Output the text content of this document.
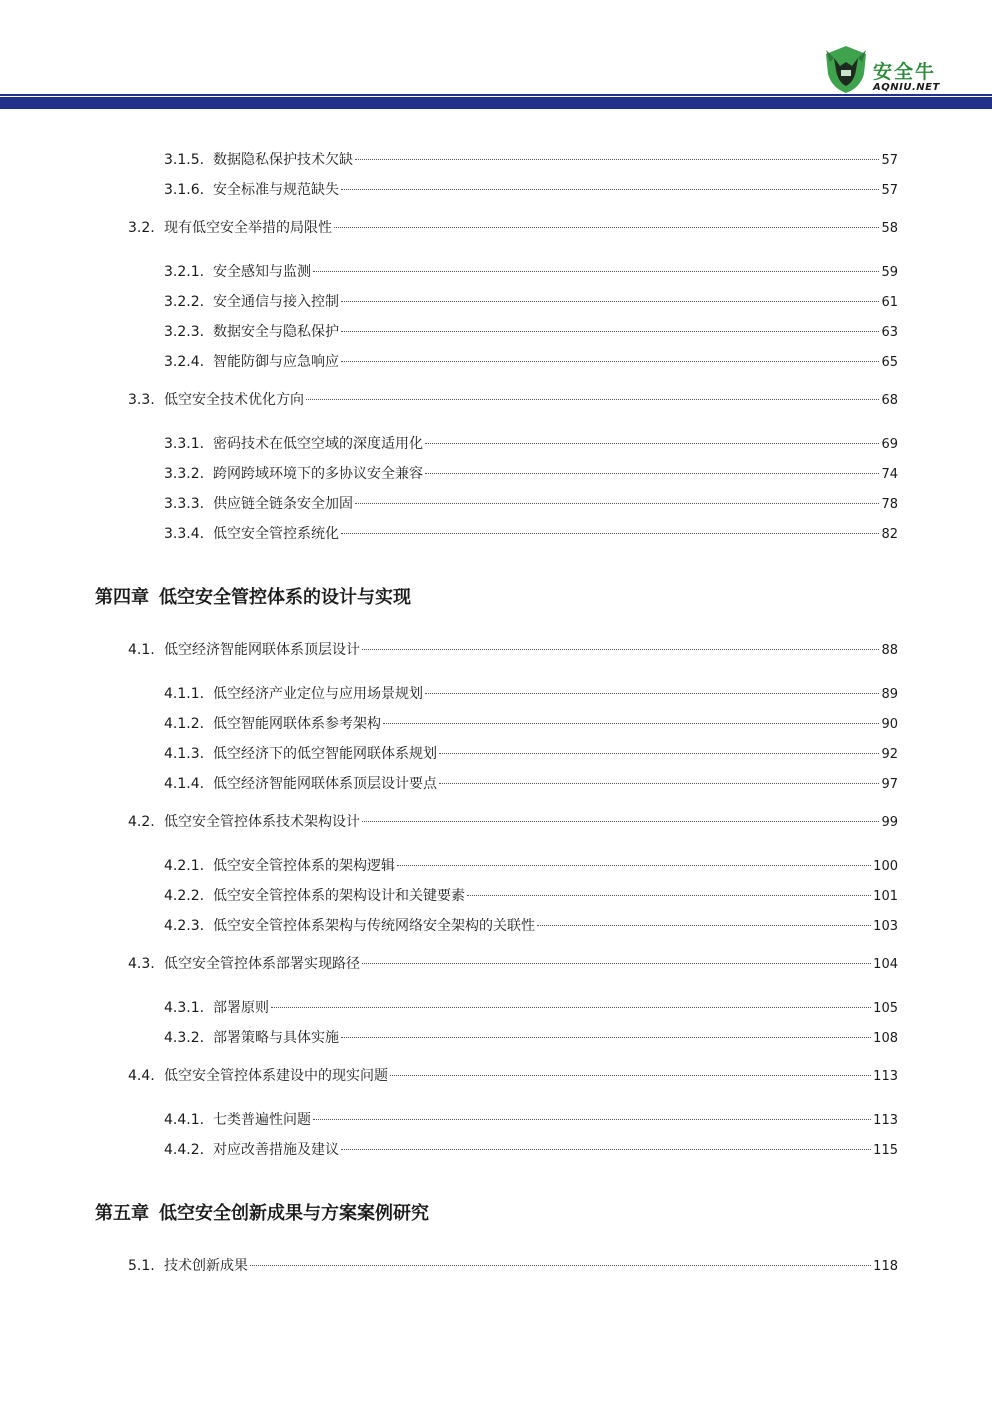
安全牛
AQNIU.NET
3.1.5. 数据隐私保护技术欠缺	57
3.1.6. 安全标准与规范缺失	57
3.2. 现有低空安全举措的局限性	58
3.2.1. 安全感知与监测	59
3.2.2. 安全通信与接入控制	61
3.2.3. 数据安全与隐私保护	63
3.2.4. 智能防御与应急响应	65
3.3. 低空安全技术优化方向	68
3.3.1. 密码技术在低空空域的深度适用化	69
3.3.2. 跨网跨域环境下的多协议安全兼容	74
3.3.3. 供应链全链条安全加固	78
3.3.4. 低空安全管控系统化	82
第四章 低空安全管控体系的设计与实现
4.1. 低空经济智能网联体系顶层设计	88
4.1.1. 低空经济产业定位与应用场景规划	89
4.1.2. 低空智能网联体系参考架构	90
4.1.3. 低空经济下的低空智能网联体系规划	92
4.1.4. 低空经济智能网联体系顶层设计要点	97
4.2. 低空安全管控体系技术架构设计	99
4.2.1. 低空安全管控体系的架构逻辑	100
4.2.2. 低空安全管控体系的架构设计和关键要素	101
4.2.3. 低空安全管控体系架构与传统网络安全架构的关联性	103
4.3. 低空安全管控体系部署实现路径	104
4.3.1. 部署原则	105
4.3.2. 部署策略与具体实施	108
4.4. 低空安全管控体系建设中的现实问题	113
4.4.1. 七类普遍性问题	113
4.4.2. 对应改善措施及建议	115
第五章 低空安全创新成果与方案案例研究
5.1. 技术创新成果	118
